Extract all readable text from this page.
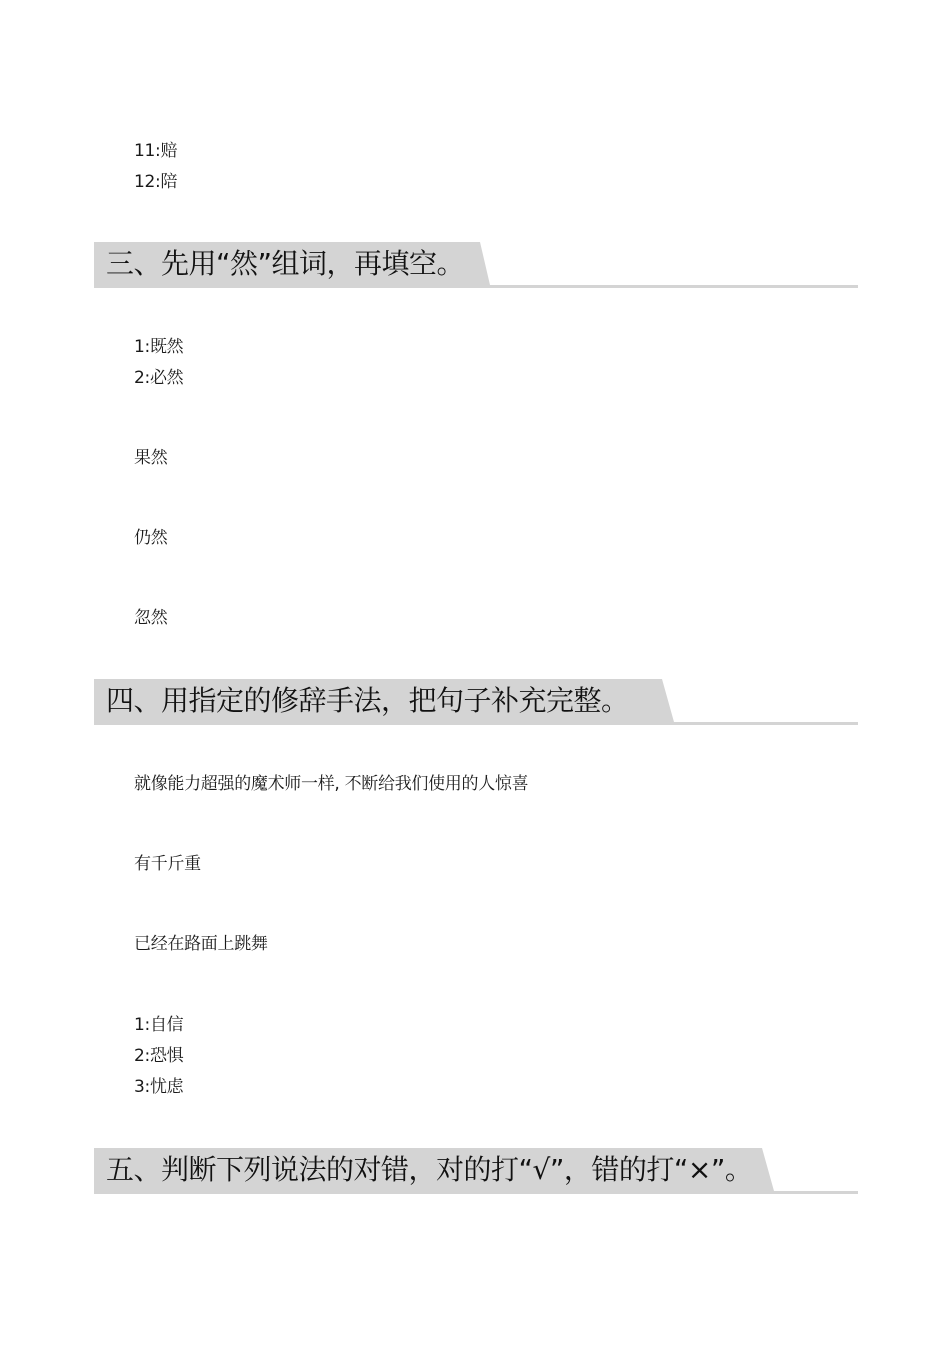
11:赔
12:陪
三、先用“然”组词，再填空。
1:既然
2:必然
果然
仍然
忽然
四、用指定的修辞手法，把句子补充完整。
就像能力超强的魔术师一样, 不断给我们使用的人惊喜
有千斤重
已经在路面上跳舞
1:自信
2:恐惧
3:忧虑
五、判断下列说法的对错，对的打“√”，错的打“×”。
